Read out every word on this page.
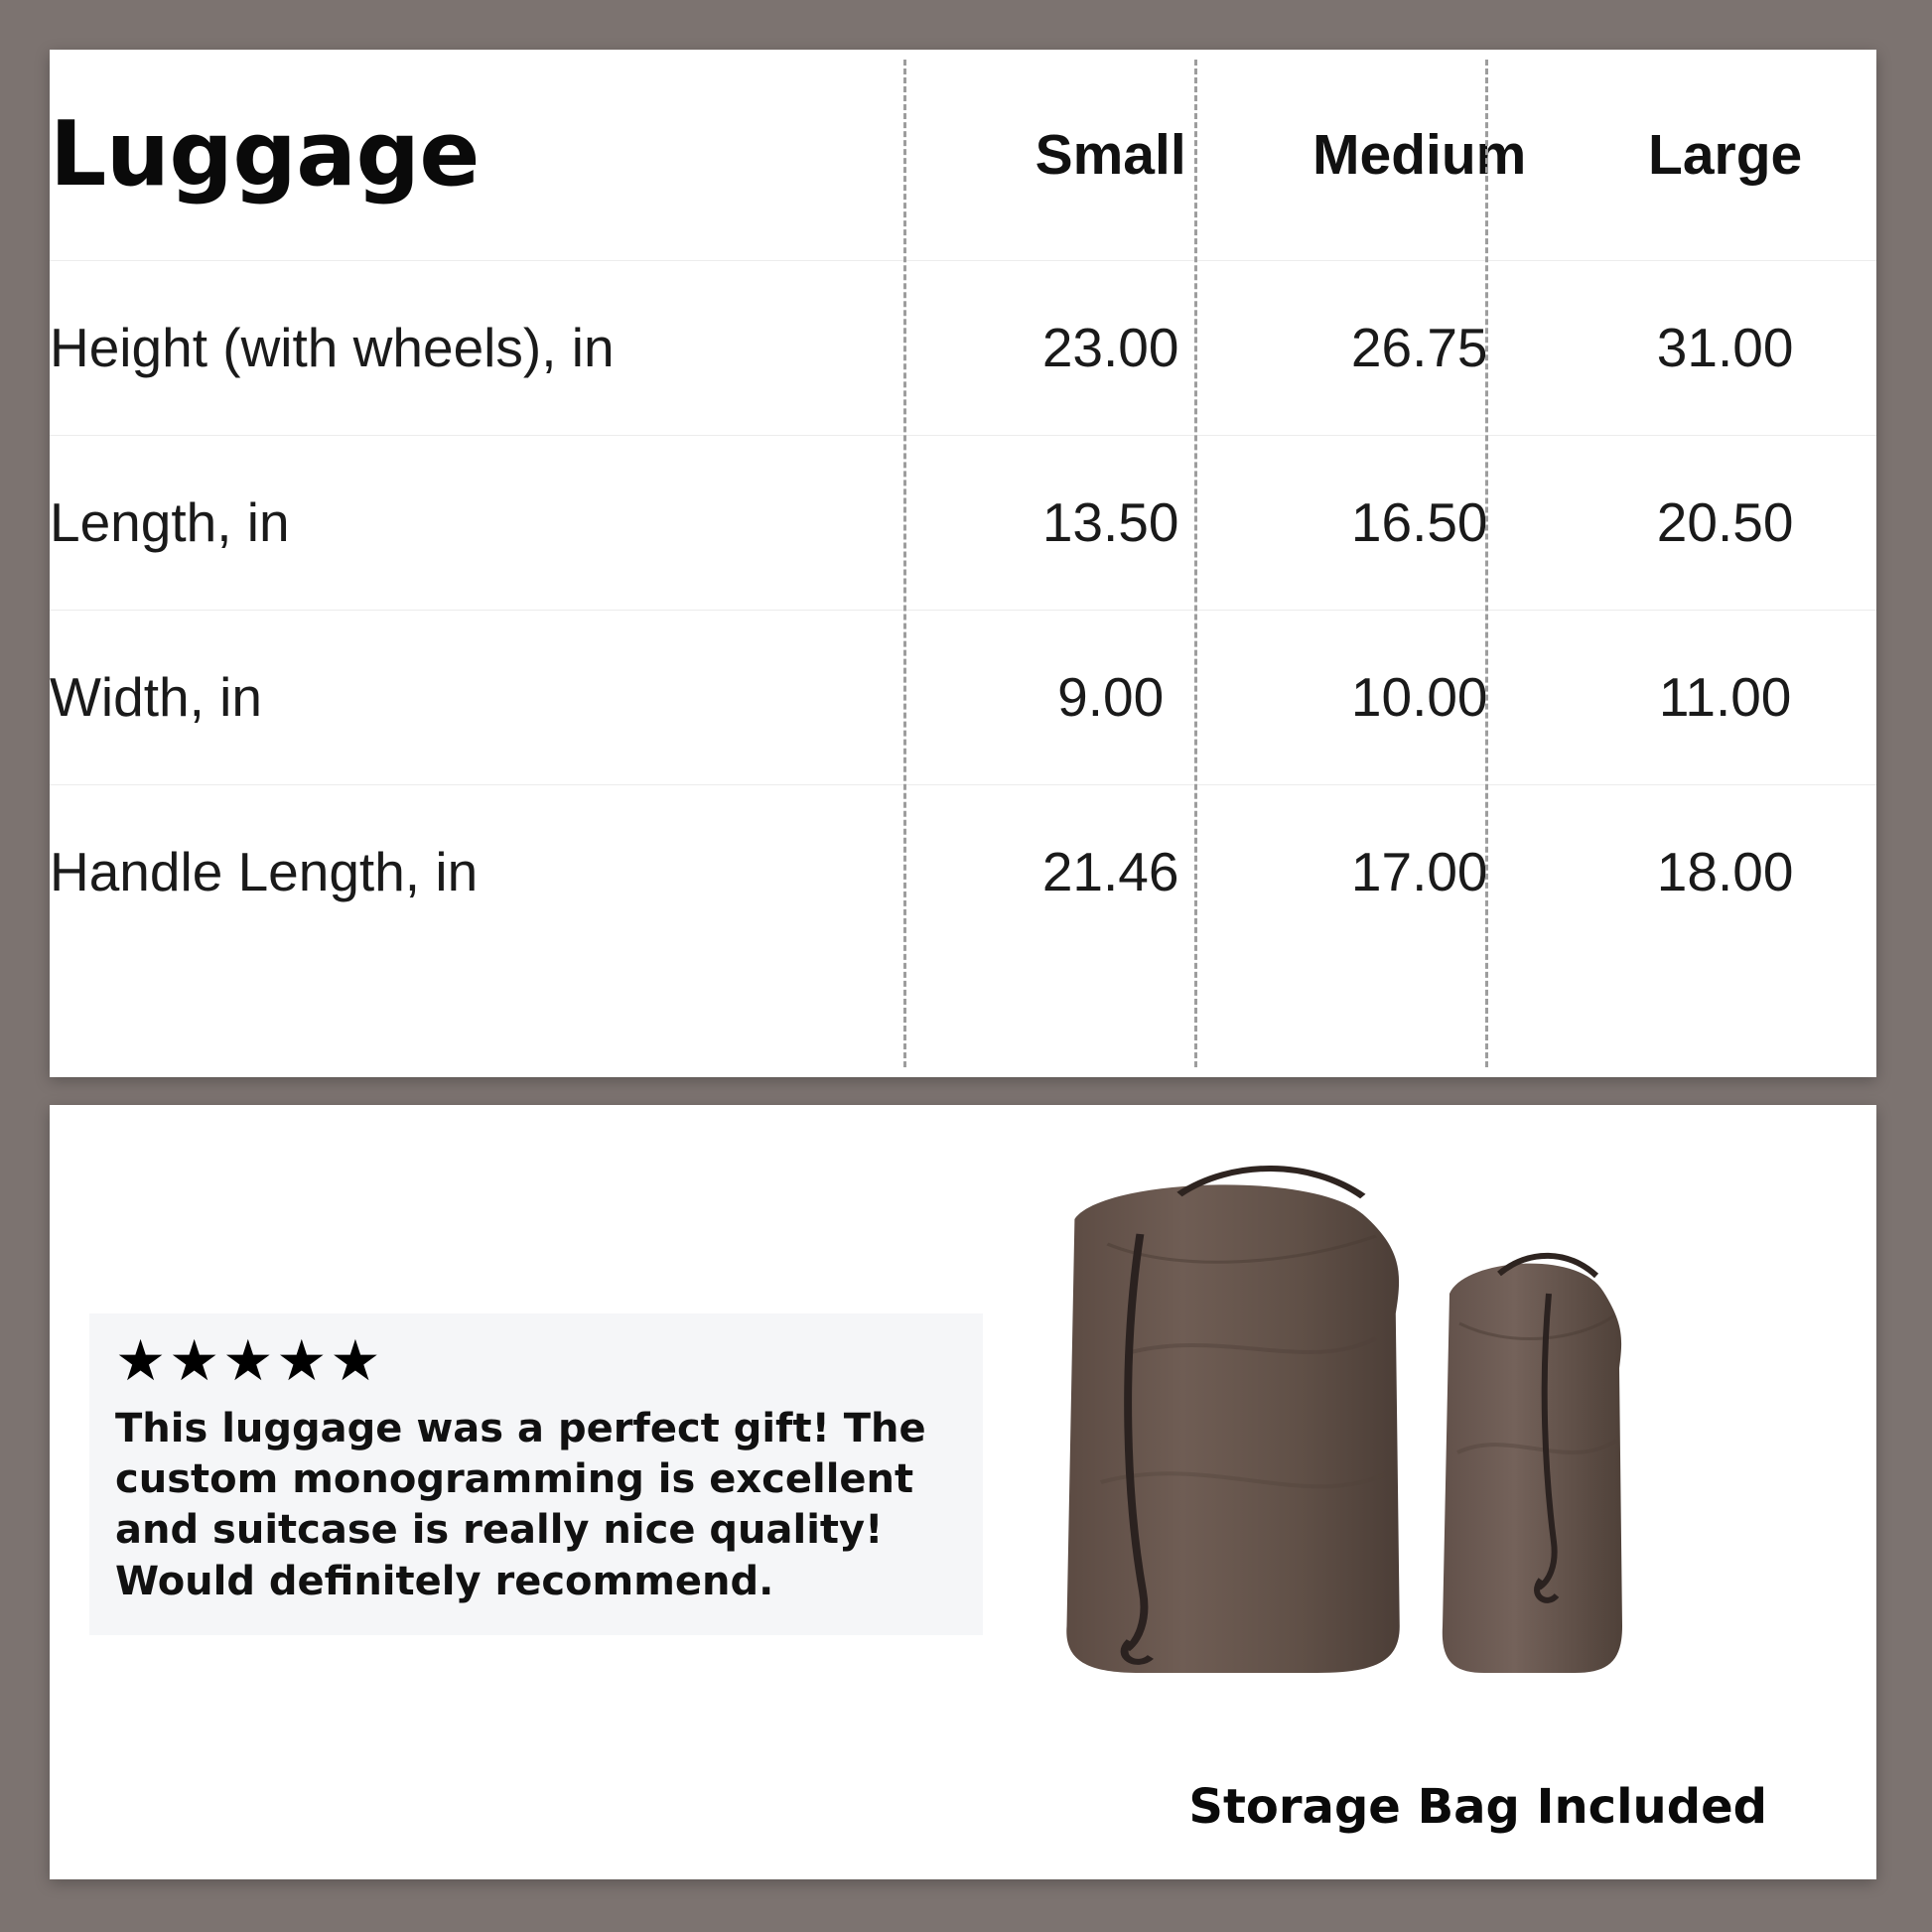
Luggage	Small	Medium	Large
Height (with wheels), in	23.00	26.75	31.00
Length, in	13.50	16.50	20.50
Width, in	9.00	10.00	11.00
Handle Length, in	21.46	17.00	18.00
★★★★★
This luggage was a perfect gift! The custom monogramming is excellent and suitcase is really nice quality! Would definitely recommend.
Storage Bag Included
